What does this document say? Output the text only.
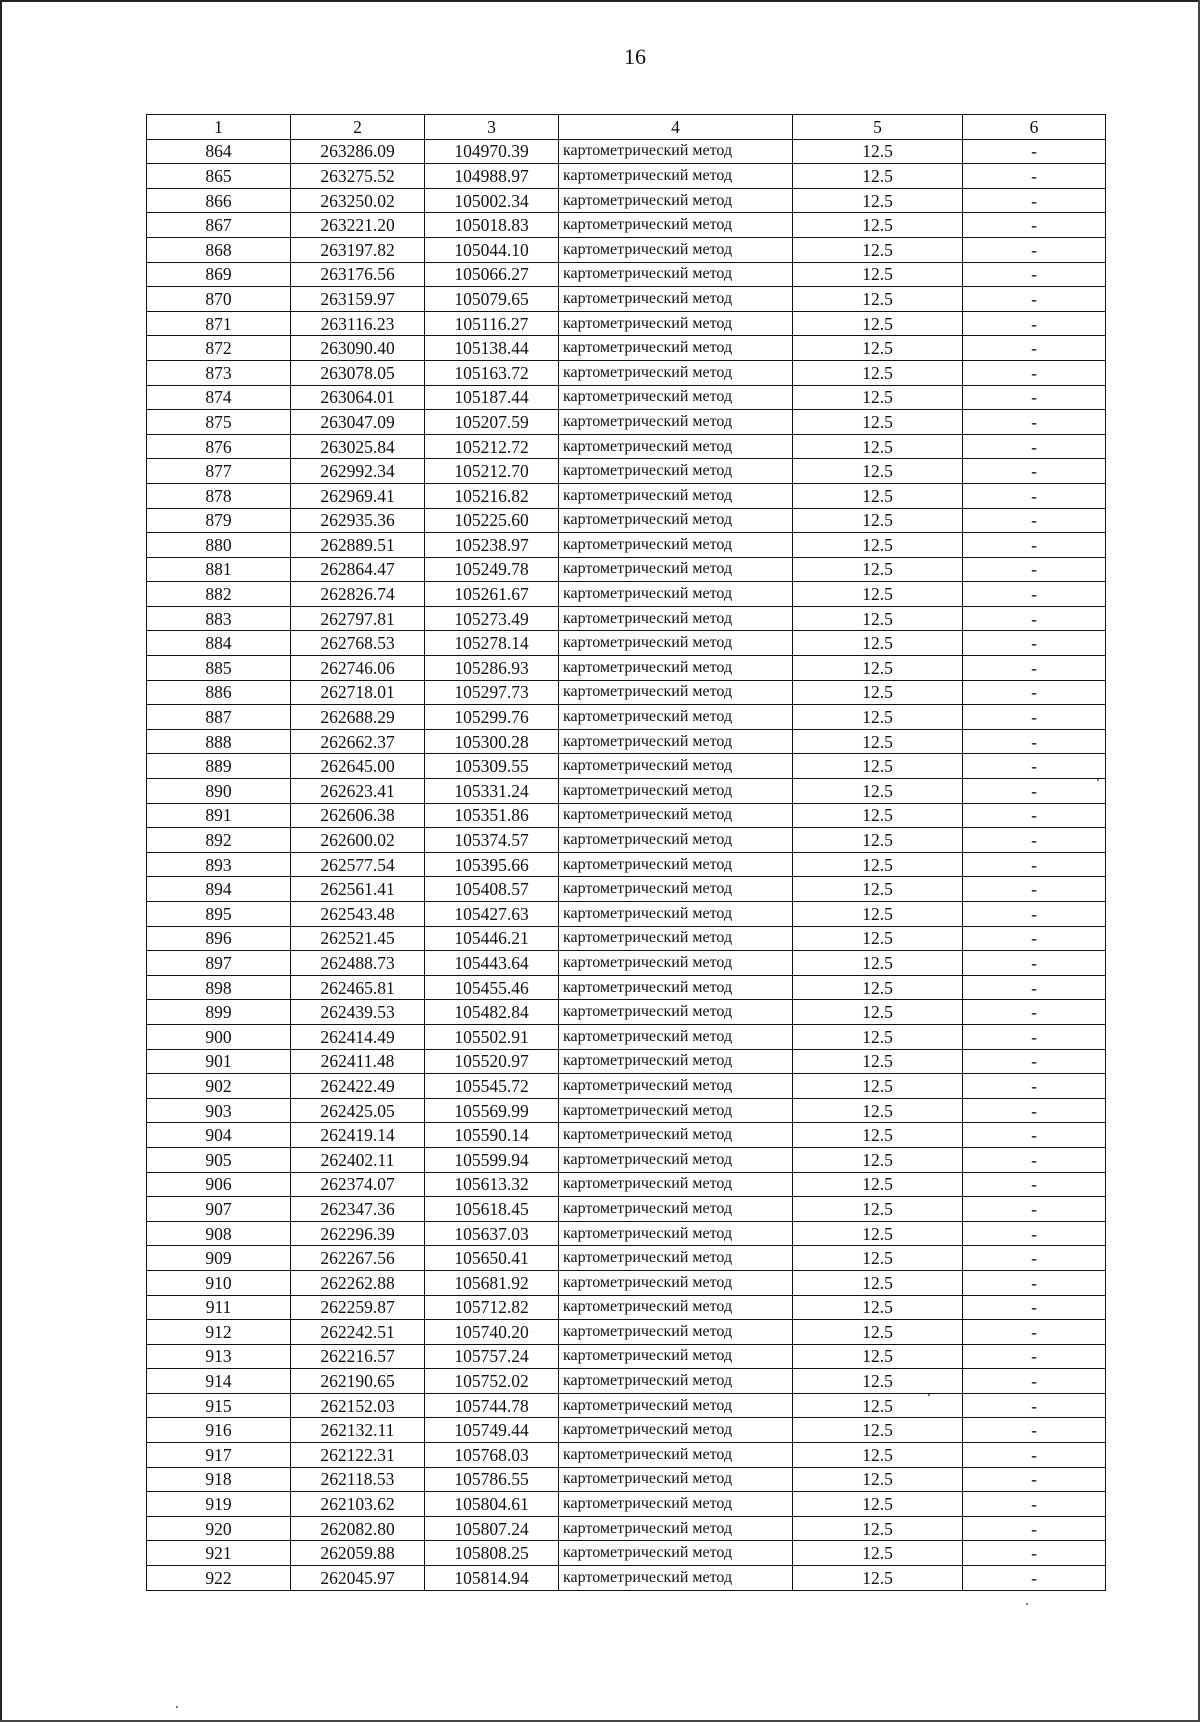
16
1	2	3	4	5	6
864	263286.09	104970.39	картометрический метод	12.5	-
865	263275.52	104988.97	картометрический метод	12.5	-
866	263250.02	105002.34	картометрический метод	12.5	-
867	263221.20	105018.83	картометрический метод	12.5	-
868	263197.82	105044.10	картометрический метод	12.5	-
869	263176.56	105066.27	картометрический метод	12.5	-
870	263159.97	105079.65	картометрический метод	12.5	-
871	263116.23	105116.27	картометрический метод	12.5	-
872	263090.40	105138.44	картометрический метод	12.5	-
873	263078.05	105163.72	картометрический метод	12.5	-
874	263064.01	105187.44	картометрический метод	12.5	-
875	263047.09	105207.59	картометрический метод	12.5	-
876	263025.84	105212.72	картометрический метод	12.5	-
877	262992.34	105212.70	картометрический метод	12.5	-
878	262969.41	105216.82	картометрический метод	12.5	-
879	262935.36	105225.60	картометрический метод	12.5	-
880	262889.51	105238.97	картометрический метод	12.5	-
881	262864.47	105249.78	картометрический метод	12.5	-
882	262826.74	105261.67	картометрический метод	12.5	-
883	262797.81	105273.49	картометрический метод	12.5	-
884	262768.53	105278.14	картометрический метод	12.5	-
885	262746.06	105286.93	картометрический метод	12.5	-
886	262718.01	105297.73	картометрический метод	12.5	-
887	262688.29	105299.76	картометрический метод	12.5	-
888	262662.37	105300.28	картометрический метод	12.5	-
889	262645.00	105309.55	картометрический метод	12.5	-
890	262623.41	105331.24	картометрический метод	12.5	-
891	262606.38	105351.86	картометрический метод	12.5	-
892	262600.02	105374.57	картометрический метод	12.5	-
893	262577.54	105395.66	картометрический метод	12.5	-
894	262561.41	105408.57	картометрический метод	12.5	-
895	262543.48	105427.63	картометрический метод	12.5	-
896	262521.45	105446.21	картометрический метод	12.5	-
897	262488.73	105443.64	картометрический метод	12.5	-
898	262465.81	105455.46	картометрический метод	12.5	-
899	262439.53	105482.84	картометрический метод	12.5	-
900	262414.49	105502.91	картометрический метод	12.5	-
901	262411.48	105520.97	картометрический метод	12.5	-
902	262422.49	105545.72	картометрический метод	12.5	-
903	262425.05	105569.99	картометрический метод	12.5	-
904	262419.14	105590.14	картометрический метод	12.5	-
905	262402.11	105599.94	картометрический метод	12.5	-
906	262374.07	105613.32	картометрический метод	12.5	-
907	262347.36	105618.45	картометрический метод	12.5	-
908	262296.39	105637.03	картометрический метод	12.5	-
909	262267.56	105650.41	картометрический метод	12.5	-
910	262262.88	105681.92	картометрический метод	12.5	-
911	262259.87	105712.82	картометрический метод	12.5	-
912	262242.51	105740.20	картометрический метод	12.5	-
913	262216.57	105757.24	картометрический метод	12.5	-
914	262190.65	105752.02	картометрический метод	12.5	-
915	262152.03	105744.78	картометрический метод	12.5	-
916	262132.11	105749.44	картометрический метод	12.5	-
917	262122.31	105768.03	картометрический метод	12.5	-
918	262118.53	105786.55	картометрический метод	12.5	-
919	262103.62	105804.61	картометрический метод	12.5	-
920	262082.80	105807.24	картометрический метод	12.5	-
921	262059.88	105808.25	картометрический метод	12.5	-
922	262045.97	105814.94	картометрический метод	12.5	-
